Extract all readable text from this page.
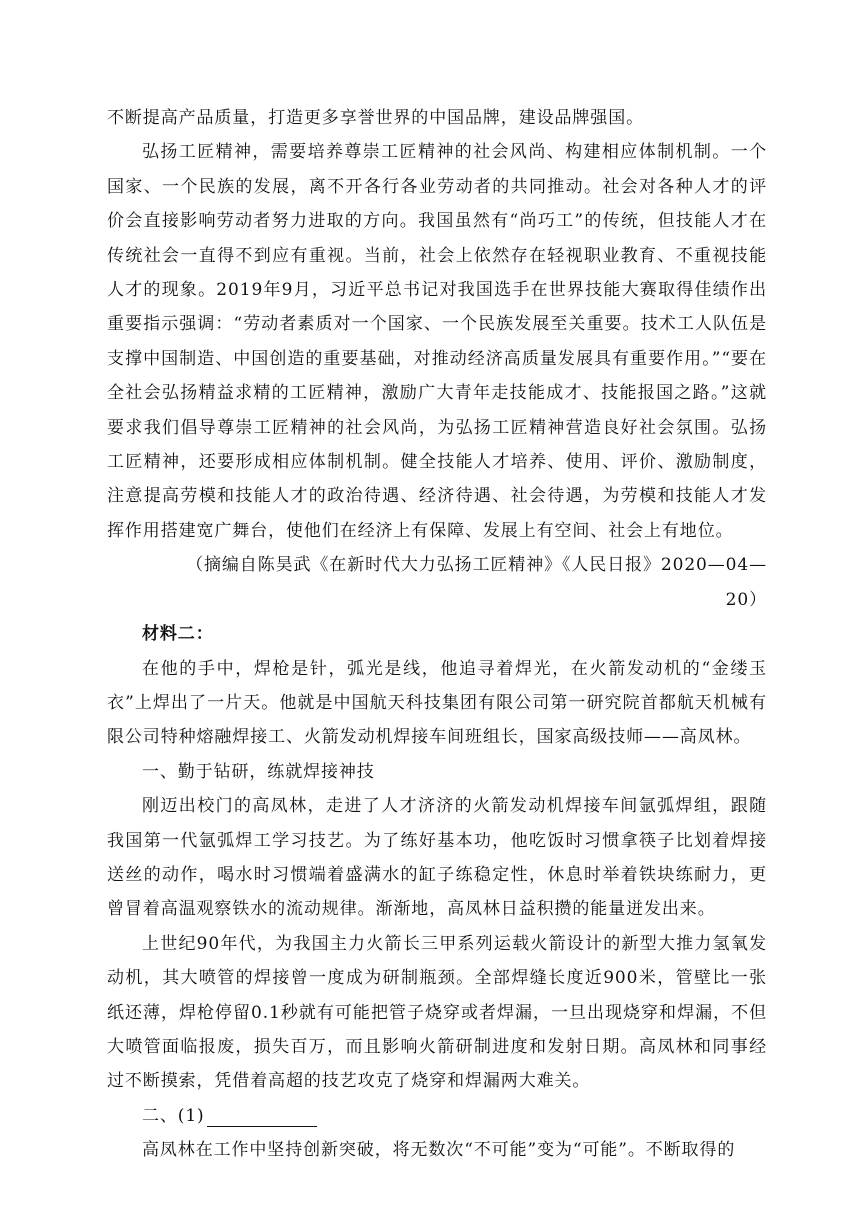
不断提高产品质量，打造更多享誉世界的中国品牌，建设品牌强国。

弘扬工匠精神，需要培养尊崇工匠精神的社会风尚、构建相应体制机制。一个国家、一个民族的发展，离不开各行各业劳动者的共同推动。社会对各种人才的评价会直接影响劳动者努力进取的方向。我国虽然有“尚巧工”的传统，但技能人才在传统社会一直得不到应有重视。当前，社会上依然存在轻视职业教育、不重视技能人才的现象。2019年9月，习近平总书记对我国选手在世界技能大赛取得佳绩作出重要指示强调：“劳动者素质对一个国家、一个民族发展至关重要。技术工人队伍是支撑中国制造、中国创造的重要基础，对推动经济高质量发展具有重要作用。”“要在全社会弘扬精益求精的工匠精神，激励广大青年走技能成才、技能报国之路。”这就要求我们倡导尊崇工匠精神的社会风尚，为弘扬工匠精神营造良好社会氛围。弘扬工匠精神，还要形成相应体制机制。健全技能人才培养、使用、评价、激励制度，注意提高劳模和技能人才的政治待遇、经济待遇、社会待遇，为劳模和技能人才发挥作用搭建宽广舞台，使他们在经济上有保障、发展上有空间、社会上有地位。

（摘编自陈昊武《在新时代大力弘扬工匠精神》《人民日报》2020—04—20）

材料二：

在他的手中，焊枪是针，弧光是线，他追寻着焊光，在火箭发动机的“金缕玉衣”上焊出了一片天。他就是中国航天科技集团有限公司第一研究院首都航天机械有限公司特种熔融焊接工、火箭发动机焊接车间班组长，国家高级技师——高凤林。

一、勤于钻研，练就焊接神技

刚迈出校门的高凤林，走进了人才济济的火箭发动机焊接车间氩弧焊组，跟随我国第一代氩弧焊工学习技艺。为了练好基本功，他吃饭时习惯拿筷子比划着焊接送丝的动作，喝水时习惯端着盛满水的缸子练稳定性，休息时举着铁块练耐力，更曾冒着高温观察铁水的流动规律。渐渐地，高凤林日益积攒的能量迸发出来。

上世纪90年代，为我国主力火箭长三甲系列运载火箭设计的新型大推力氢氧发动机，其大喷管的焊接曾一度成为研制瓶颈。全部焊缝长度近900米，管壁比一张纸还薄，焊枪停留0.1秒就有可能把管子烧穿或者焊漏，一旦出现烧穿和焊漏，不但大喷管面临报废，损失百万，而且影响火箭研制进度和发射日期。高凤林和同事经过不断摸索，凭借着高超的技艺攻克了烧穿和焊漏两大难关。

二、(1)

高凤林在工作中坚持创新突破，将无数次“不可能”变为“可能”。不断取得的
